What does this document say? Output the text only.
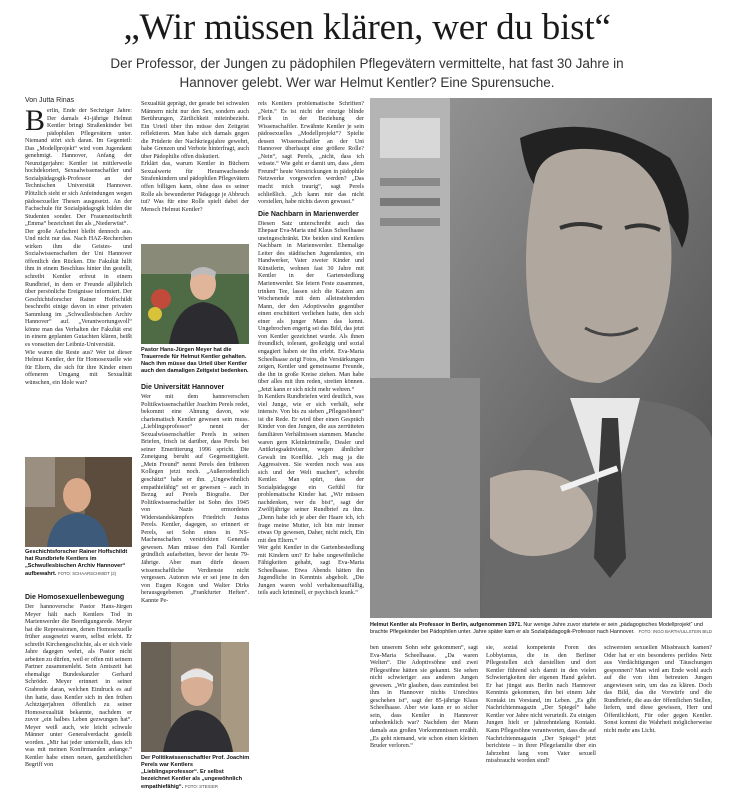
„Wir müssen klären, wer du bist“

Der Professor, der Jungen zu pädophilen Pflegevätern vermittelte, hat fast 30 Jahre in Hannover gelebt. Wer war Helmut Kentler? Eine Spurensuche.

Von Jutta Rinas

Berlin, Ende der Sechziger Jahre: Der damals 41-jährige Helmut Kentler bringt Straßenkinder bei pädophilen Pflegevätern unter. Niemand stört sich daran. Im Gegenteil: Das „Modellprojekt“ wird vom Jugendamt genehmigt. Hannover, Anfang der Neunzigerjahre: Kentler ist mittlerweile hochdekoriert, Sexualwissenschaftler und Sozialpädagogik-Professor an der Technischen Universität Hannover. Plötzlich sieht er sich Anfeindungen wegen pädosexueller Thesen ausgesetzt. An der Fachschule für Sozialpädagogik bilden die Studenten sonder. Der Frauenzeitschrift „Emma“ bezeichnet ihn als „Niederwüst“.

Der große Aufschrei bleibt dennoch aus. Und nicht nur das. Nach HAZ-Recherchen wirken ihm die Geistes- und Sozialwissenschaften der Uni Hannover öffentlich den Rücken. Die Fakultät hilft ihm in einem Beschluss hinter ihn gestellt, schreibt Kentler erfreut in einem Rundbrief, in dem er Freunde alljährlich über persönliche Ereignisse informiert. Der Geschichtsforscher Rainer Hoffschildt beschreibt einige davon in einer privaten Sammlung im „Schwullesbischen Archiv Hannover“ auf. „Verantwortungsvoll“ könne man das Verhalten der Fakultät erst in einem geplanten Gutachten klären, heißt es vonseiten der Leibniz-Universität.

Wie waren die Reste aus? Wer ist dieser Helmut Kentler, der für Homosexuelle wie für Eltern, die sich für ihre Kinder einen offeneren Umgang mit Sexualität wünschen, ein Idole war?

Geschichtsforscher Rainer Hoffschildt hat Rundbriefe Kentlers im „Schwullesbischen Archiv Hannover“ aufbewahrt. FOTO: SCHAARSCHMIDT (2)
Die Homosexuellenbewegung

Der hannoversche Pastor Hans-Jürgen Meyer hält nach Kentlers Tod in Marienwerder die Beerdigungsrede. Meyer hat die Repressionen, denen Homosexuelle früher ausgesetzt waren, selbst erlebt. Er schreibt Kirchengeschichte, als er sich viele Jahre dagegen wehrt, als Pastor nicht arbeiten zu dürfen, weil er offen mit seinem Partner zusammenlebt. Sein Amtszeit hat ehemalige Bundeskanzler Gerhard Schröder. Meyer erinnert in seiner Grabrede daran, welchen Eindruck es auf ihn hatte, dass Kentler sich in den frühen Achtzigerjahren öffentlich zu seiner Homosexualität bekannte, nachdem er zuvor „ein halbes Leben gezwungen hat“. Meyer weiß auch, wie leicht schwule Männer unter Generalverdacht gestellt worden. „Mir hat jeder unterstellt, dass ich was mit meinen Konfirmanden anfange.“ Kentler habe einen neuen, ganzheitlichen Begriff von

Sexualität geprägt, der gerade bei schwulen Männern nicht nur den Sex, sondern auch Berührungen, Zärtlichkeit miteinbezieht. Ein Urteil über ihn müsse den Zeitgeist reflektieren. Man habe sich damals gegen die Prüderie der Nachkriegsjahre gewehrt, habe Grenzen und Verbote hinterfragt, auch über Pädophilie offen diskutiert.

Erklärt das, warum Kentler in Büchern Sexualwerte für Heranwachsende Strafenkindern und pädophilen Pflegevätern offen billigen kann, ohne dass es seiner Rolle als bewunderter Pädagoge je Abbruch tut? Was für eine Rolle spielt dabei der Mensch Helmut Kentler?

Pastor Hans-Jürgen Meyer hat die Trauerrede für Helmut Kentler gehalten. Nach ihm müsse das Urteil über Kentler auch den damaligen Zeitgeist bedenken.
Die Universität Hannover

Wer mit dem hannoverschen Politikwissenschaftler Joachim Perels redet, bekommt eine Ahnung davon, wie charismatisch Kentler gewesen sein muss. „Lieblingsprofessor“ nennt der Sexualwissenschaftler Perels in seinen Briefen, frisch ist darüber, dass Perels bei seiner Emeritierung 1996 spricht. Die Zuneigung beruht auf Gegenseitigkeit. „Mein Freund“ nennt Perels den früheren Kollegen jetzt noch. „Außerordentlich geschätzt“ habe er ihn. „Ungewöhnlich empathiefähig“ sei er gewesen – auch in Bezug auf Perels Biografie. Der Politikwissenschaftler ist Sohn des 1945 von Nazis ermordeten Widerstandskämpfers Friedrich Justus Perels. Kentler, dagegen, so erinnert er Perels, sei Sohn eines in NS-Machenschaften verstrickten Generals gewesen. Man müsse den Fall Kentler gründlich aufarbeiten, bevor der heute 79-Jährige. Aber man dürfe dessen wissenschaftliche Verdienste nicht vergessen. Autoren wie er sei jene in den von Eugen Kogon und Walter Dirks herausgegebenen „Frankfurter Heften“. Kannte Pe-

Der Politikwissenschaftler Prof. Joachim Perels war Kentlers „Lieblingsprofessor“. Er selbst bezeichnet Kentler als „ungewöhnlich empathiefähig“. FOTO: STEIGER

rels Kentlers problematische Schriften? „Nein.“ Es ist nicht der einzige blinde Fleck in der Beziehung der Wissenschaftler. Erwähnte Kentler je sein pädosexuelles „Modellprojekt“? Spielte dessen Wissenschaftler an der Uni Hannover überhaupt eine größere Rolle? „Nein“, sagt Perels, „nicht, dass ich wüsste.“ Wie geht er damit um, dass „dem Freund“ heute Verstrickungen in pädophile Netzwerke vorgeworfen werden? „Das macht mich traurig“, sagt Perels schließlich. „Ich kann mir das nicht vorstellen, habe nichts davon gewusst.“

Die Nachbarn in Marienwerder

Diesen Satz unterschreibt auch das Ehepaar Eva-Maria und Klaus Scheelhaase uneingeschränkt. Die beiden sind Kentlers Nachbarn in Marienwerder. Ehemalige Leiter des städtischen Jugendamtes, ein Handwerker, Vater zweier Kinder und Künstlerin, wohnen fast 30 Jahre mit Kentler in der Gartensiedlung Marienwerder. Sie feiern Feste zusammen, trinken Tee, lassen sich die Katzen am Wochenende mit dem alleinstehenden Mann, der den Adoptivsohn gegenüber einen erschüttert verliehen hatte, den sich einer als junger Mann das kennt. Ungebrochen engerig sei das Bild, das jetzt von Kentler gezeichnet wurde. Als ihnen freundlich, tolerant, großzügig und sozial engagiert haben sie ihn erlebt. Eva-Maria Scheelhaase zeigt Fotos, die Verstärkungen zeigen, Kentler und gemeinsame Freunde, die ihn in große Kreise ziehen. Man habe über alles mit ihm reden, streiten können. „Jetzt kann er sich nicht mehr wehren.“

In Kentlers Rundbriefen wird deutlich, was viel Junge, wie er sich verhält, sehr intensiv. Von bis zu sieben „Pflegesöhnen“ ist die Rede. Er wird über einen Gespräch Kinder von den Jungen, die aus zerrütteten familiären Verhältnissen stammen. Manche waren gern Kleinkriminelle, Dealer und Antikriegsaktivisten, wegen ähnlicher Gewalt im Konflikt. „Ich mag ja die Aggressiven. Sie werden noch was aus sich und der Welt machen“, schreibt Kentler. Man spürt, dass der Sozialpädagoge ein Gefühl für problematische Kinder hat. „Wir müssen nachdenken, wer du bist“, sagt der Zwölfjährige seiner Rundbrief zu ihm. „Denn habe ich je aber der Haare ich, ich frage meine Mutter, ich bin mir immer etwas Op gewesen, Daher, nicht mich, Ein mit den Eltern.“

Wer geht Kentler in die Gartenbesiedlung mit Kindern um? Er habe ungewöhnliche Fähigkeiten gehabt, sagt Eva-Maria Scheelhaase. Etwa Abends hätten ihn Jugendliche in Kenntnis abgeholt. „Die Jungen waren wohl verhaltensauffällig, teils auch kriminell, er psychisch krank.“

Helmut Kentler als Professor in Berlin, aufgenommen 1971. Nur wenige Jahre zuvor startete er sein „pädagogisches Modellprojekt“ und brachte Pflegekinder bei Pädophilen unter. Jahre später kam er als Sozialpädagogik-Professor nach Hannover. FOTO: INGO BARTH/ULLSTEIN BILD

ben unserem Sohn sehr gekommen“, sagt Eva-Maria Scheelhaase. „Da waren Welten“. Die Adoptivsöhne und zwei Pflegesöhne hätten sie gekannt. Sie sehen nicht schwieriger aus anderen Jungen gewesen. „Wir glauben, dass zumindest bei ihm in Hannover nichts Unrechtes geschehen ist“, sagt der 85-jährige Klaus Scheelhaase. Aber wie kann er so sicher sein, dass Kentler in Hannover unbedenklich war? Nachdem der Mann damals aus großen Vorkommnissen erzählt. „Es geht niemand, wie schon einen kleinen Bruder verloren.“

sie, sozial kompetente Foren des Lobbyismus, die in den Berliner Pflegestellen sich darstellten und dort Kentler führend sich damit in den vielen Schwierigkeiten der eigenen Hand gelehrt. Er hat jüngst aus Berlin nach Hannover Kenntnis gekommen, ihn bei einem Jahr Kontakt im Vorstand, im Leben. „Es gibt Nachrichtenmagazin „Der Spiegel“ habe Kentler vor Jahre nicht verurteilt. Zu einigen Jungen hielt er jahrzehntelang Kontakt. Kann Pflegesöhne verantworten, dass die auf Nachrichtenmagazin „Der Spiegel“ jetzt berichtete – in ihrer Pflegefamilie über ein Jahrzehnt lang vom Vater sexuell missbraucht worden sind?

schwersten sexuellen Missbrauch kamen? Oder hat er ein besonderes perfides Netz aus Verdächtigungen und Täuschungen gesponnen? Man wird am Ende wohl auch auf die von ihm betreuten Jungen angewiesen sein, um das zu klären. Doch das Bild, das die Vorwürfe und die Rundbriefe, die aus der öffentlichen Stellen, liefern, und diese gewissen, Herr und Öffentlichkeit, Für oder gegen Kentler. Sonst kommt die Wahrheit möglicherweise nicht mehr ans Licht.
